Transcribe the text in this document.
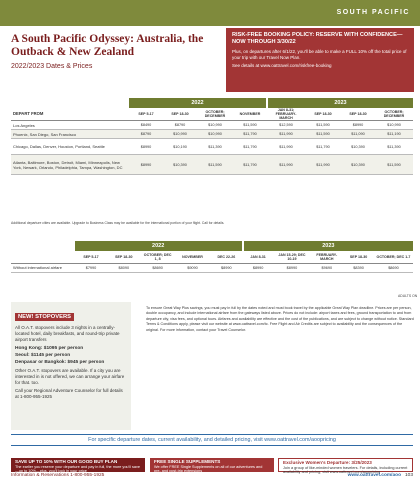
SOUTH PACIFIC
A South Pacific Odyssey: Australia, the Outback & New Zealand
2022/2023 Dates & Prices
RISK-FREE BOOKING POLICY: RESERVE WITH CONFIDENCE—NOW THROUGH 3/30/22
Plus, on departures after 6/1/22, you'll be able to make a FULL 10% off the total price of your trip with our Travel Now Plan.
See details at www.oattravel.com/riskfree-booking
	2022				2023			
DEPART FROM	SEP 5-17	SEP 18-30	OCTOBER; DECEMBER	NOVEMBER	JAN 8-31; FEBRUARY-MARCH	SEP 18-30	SEP 18-30	OCTOBER; DECEMBER
Los Angeles	$8490	$8790	$10,990	$11,590	$12,590	$11,590	$8990	$10,990
Phoenix, San Diego, San Francisco	$8790	$10,990	$10,990	$11,790	$11,990	$11,590	$11,090	$11,190
Chicago, Dallas, Denver, Houston, Portland, Seattle	$8990	$10,190	$11,390	$11,790	$11,990	$11,790	$10,390	$11,390
Atlanta, Baltimore, Boston, Detroit, Miami, Minneapolis, New York, Newark, Orlando, Philadelphia, Tampa, Washington, DC	$8990	$10,390	$11,590	$11,790	$11,990	$11,990	$10,390	$11,590
Additional departure cities are available. Upgrade to Business Class may be available for the international portion of your flight. Call for details.
	2022					2023				
	SEP 5-17	SEP 18-30	OCTOBER; DEC 1, 8	NOVEMBER	DEC 22-26	JAN 8-31	JAN 15-29; DEC 10-19	FEBRUARY-MARCH	SEP 18-30	OCTOBER; DEC 1-7
Without international airfare	$7990	$8090	$8690	$9090	$8990	$8990	$8990	$9690	$8390	$8690
ADULTS ON
NEW! STOPOVERS
All O.A.T. stopovers include 3 nights in a centrally-located hotel, daily breakfasts, and round-trip private airport transfers
Hong Kong: $1095 per person
Seoul: $1145 per person
Denpasar or Bangkok: $945 per person
Other O.A.T. stopovers are available. If a city you are interested in is not offered, we can arrange your airfare for that. too.
Call your Regional Adventure Counselor for full details at 1-800-955-1925
To ensure Great Way Plus savings, you must pay in full by the dates noted and must book travel by the applicable Great Way Plan deadline. Prices are per person, double occupancy, and include international airfare from the gateways listed above. Prices do not include: airport taxes and fees, ground transportation to and from departure city, visa fees, and optional tours. Airfares and availability are effective and the cost of the publications, and are subject to change without notice. Standard Terms & Conditions apply, please visit our website at www.oattravel.com/tc. Free Flight and Air Credits are subject to availability and the consequences of the original. For more information, contact your Travel Counselor.
For specific departure dates, current availability, and detailed pricing, visit www.oattravel.com/aoopricing
SAVE UP TO 10% WITH OUR GOOD BUY PLAN
The earlier you reserve your departure and pay in full, the more you'll save—up to 10%—plus, you'll lock in your price
FREE SINGLE SUPPLEMENTS
We offer FREE Single Supplements on all of our adventures and pre- and post-trip extensions
Exclusive Women's Departure: 3/25/2023
Join a group of like-minded women travelers. For details, including current availability and pricing, visit www.oattravel.com/aoopricing
Information & Reservations 1-800-955-1925	www.oattravel.com/aoo 103
